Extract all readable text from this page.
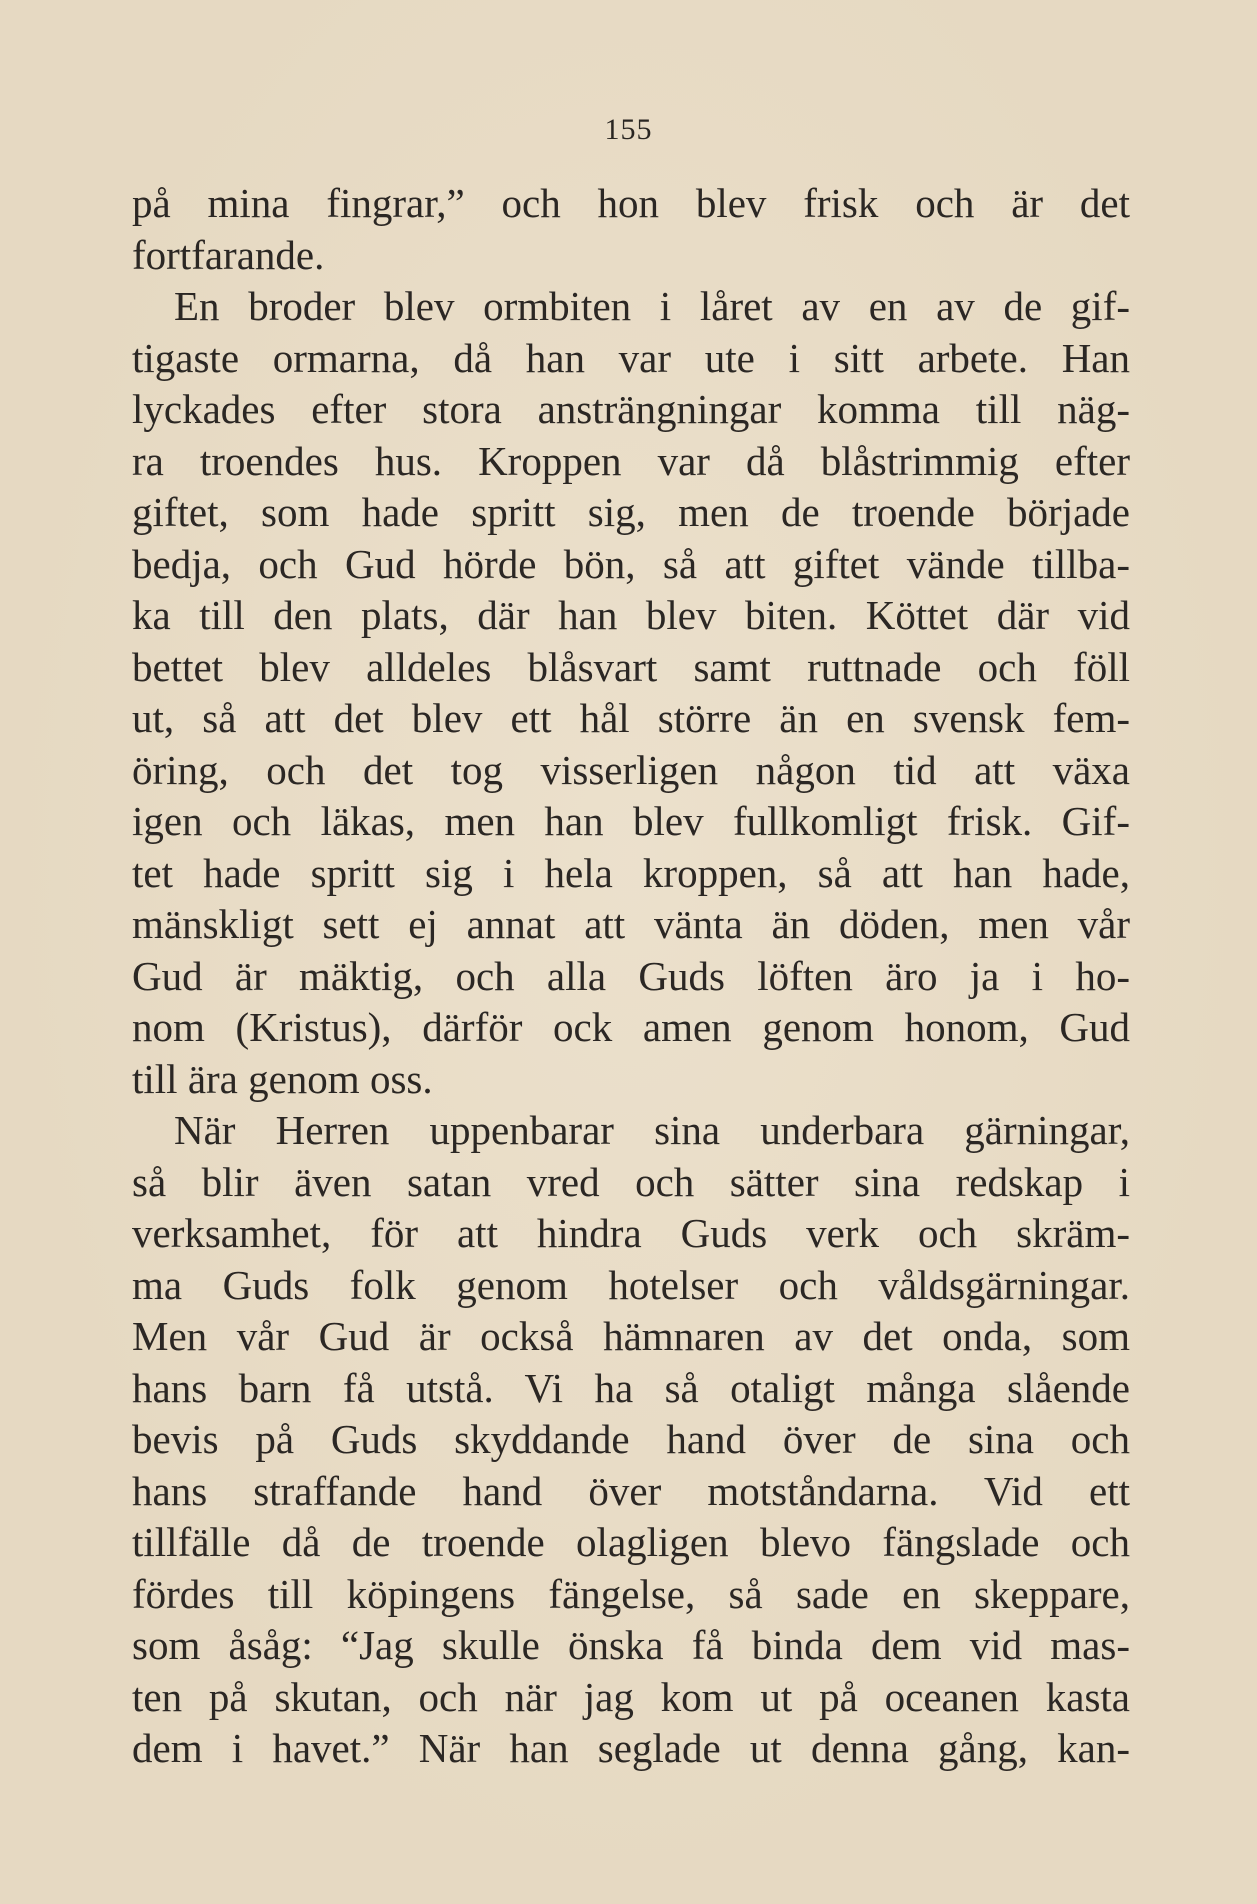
155
på mina fingrar,” och hon blev frisk och är det
fortfarande.
En broder blev ormbiten i låret av en av de gif-
tigaste ormarna, då han var ute i sitt arbete. Han
lyckades efter stora ansträngningar komma till näg-
ra troendes hus. Kroppen var då blåstrimmig efter
giftet, som hade spritt sig, men de troende började
bedja, och Gud hörde bön, så att giftet vände tillba-
ka till den plats, där han blev biten. Köttet där vid
bettet blev alldeles blåsvart samt ruttnade och föll
ut, så att det blev ett hål större än en svensk fem-
öring, och det tog visserligen någon tid att växa
igen och läkas, men han blev fullkomligt frisk. Gif-
tet hade spritt sig i hela kroppen, så att han hade,
mänskligt sett ej annat att vänta än döden, men vår
Gud är mäktig, och alla Guds löften äro ja i ho-
nom (Kristus), därför ock amen genom honom, Gud
till ära genom oss.
När Herren uppenbarar sina underbara gärningar,
så blir även satan vred och sätter sina redskap i
verksamhet, för att hindra Guds verk och skräm-
ma Guds folk genom hotelser och våldsgärningar.
Men vår Gud är också hämnaren av det onda, som
hans barn få utstå. Vi ha så otaligt många slående
bevis på Guds skyddande hand över de sina och
hans straffande hand över motståndarna. Vid ett
tillfälle då de troende olagligen blevo fängslade och
fördes till köpingens fängelse, så sade en skeppare,
som åsåg: “Jag skulle önska få binda dem vid mas-
ten på skutan, och när jag kom ut på oceanen kasta
dem i havet.” När han seglade ut denna gång, kan-
